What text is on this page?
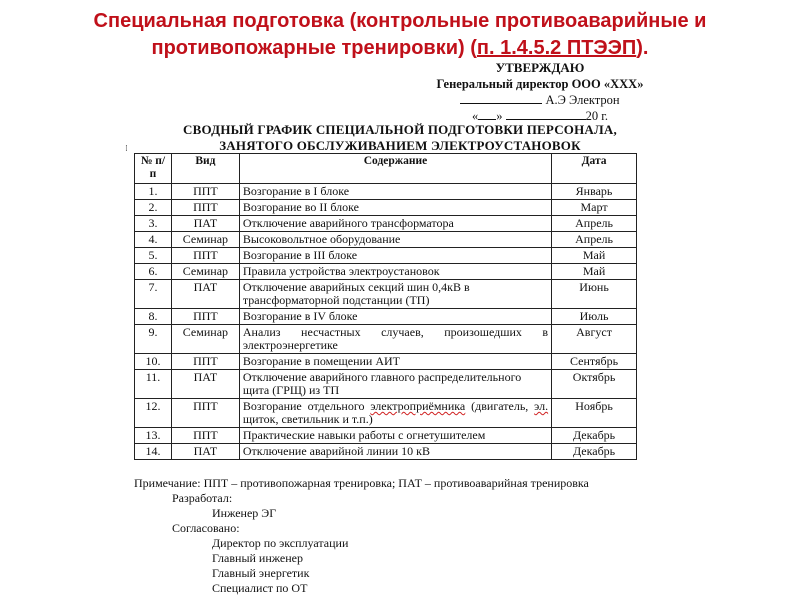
Специальная подготовка (контрольные противоаварийные и противопожарные тренировки) (п. 1.4.5.2 ПТЭЭП).
УТВЕРЖДАЮ
Генеральный директор ООО «XXX»
А.Э Электрон
« »	20 г.
СВОДНЫЙ ГРАФИК СПЕЦИАЛЬНОЙ ПОДГОТОВКИ ПЕРСОНАЛА,
ЗАНЯТОГО ОБСЛУЖИВАНИЕМ ЭЛЕКТРОУСТАНОВОК
⁞
№ п/п	Вид	Содержание	Дата
1.	ППТ	Возгорание в I блоке	Январь
2.	ППТ	Возгорание во II блоке	Март
3.	ПАТ	Отключение аварийного трансформатора	Апрель
4.	Семинар	Высоковольтное оборудование	Апрель
5.	ППТ	Возгорание в III блоке	Май
6.	Семинар	Правила устройства электроустановок	Май
7.	ПАТ	Отключение аварийных секций шин 0,4кВ в трансформаторной подстанции (ТП)	Июнь
8.	ППТ	Возгорание в IV блоке	Июль
9.	Семинар	Анализ несчастных случаев, произошедших в электроэнергетике	Август
10.	ППТ	Возгорание в помещении АИТ	Сентябрь
11.	ПАТ	Отключение аварийного главного распределительного щита (ГРЩ) из ТП	Октябрь
12.	ППТ	Возгорание отдельного электроприёмника (двигатель, эл. щиток, светильник и т.п.)	Ноябрь
13.	ППТ	Практические навыки работы с огнетушителем	Декабрь
14.	ПАТ	Отключение аварийной линии 10 кВ	Декабрь
Примечание: ППТ – противопожарная тренировка; ПАТ – противоаварийная тренировка
Разработал:
Инженер ЭГ
Согласовано:
Директор по эксплуатации
Главный инженер
Главный энергетик
Специалист по ОТ
